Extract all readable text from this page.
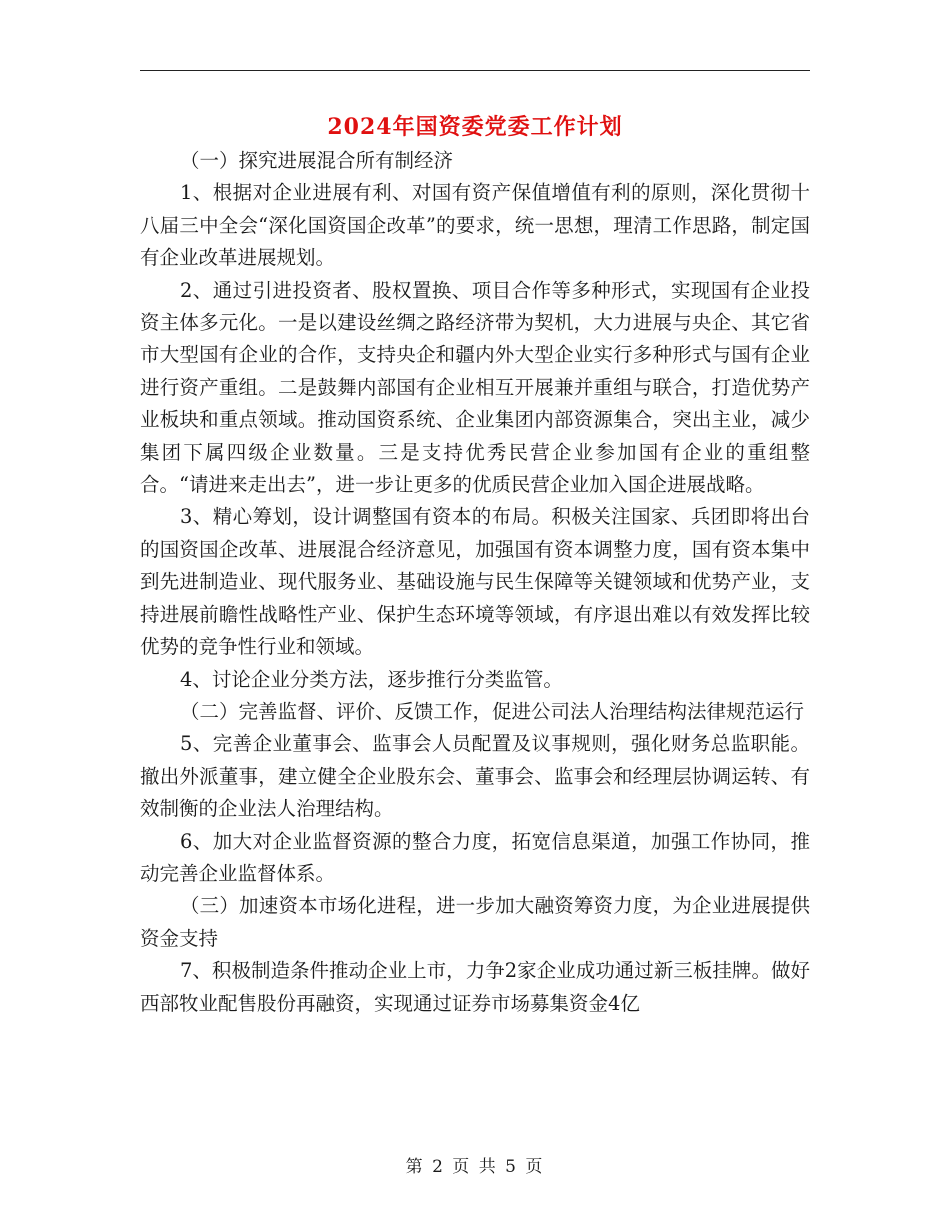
2024年国资委党委工作计划

（一）探究进展混合所有制经济

1、根据对企业进展有利、对国有资产保值增值有利的原则，深化贯彻十八届三中全会“深化国资国企改革”的要求，统一思想，理清工作思路，制定国有企业改革进展规划。

2、通过引进投资者、股权置换、项目合作等多种形式，实现国有企业投资主体多元化。一是以建设丝绸之路经济带为契机，大力进展与央企、其它省市大型国有企业的合作，支持央企和疆内外大型企业实行多种形式与国有企业进行资产重组。二是鼓舞内部国有企业相互开展兼并重组与联合，打造优势产业板块和重点领域。推动国资系统、企业集团内部资源集合，突出主业，减少集团下属四级企业数量。三是支持优秀民营企业参加国有企业的重组整合。“请进来走出去”，进一步让更多的优质民营企业加入国企进展战略。

3、精心筹划，设计调整国有资本的布局。积极关注国家、兵团即将出台的国资国企改革、进展混合经济意见，加强国有资本调整力度，国有资本集中到先进制造业、现代服务业、基础设施与民生保障等关键领域和优势产业，支持进展前瞻性战略性产业、保护生态环境等领域，有序退出难以有效发挥比较优势的竞争性行业和领域。

4、讨论企业分类方法，逐步推行分类监管。

（二）完善监督、评价、反馈工作，促进公司法人治理结构法律规范运行

5、完善企业董事会、监事会人员配置及议事规则，强化财务总监职能。撤出外派董事，建立健全企业股东会、董事会、监事会和经理层协调运转、有效制衡的企业法人治理结构。

6、加大对企业监督资源的整合力度，拓宽信息渠道，加强工作协同，推动完善企业监督体系。

（三）加速资本市场化进程，进一步加大融资筹资力度，为企业进展提供资金支持

7、积极制造条件推动企业上市，力争2家企业成功通过新三板挂牌。做好西部牧业配售股份再融资，实现通过证券市场募集资金4亿

第 2 页 共 5 页
